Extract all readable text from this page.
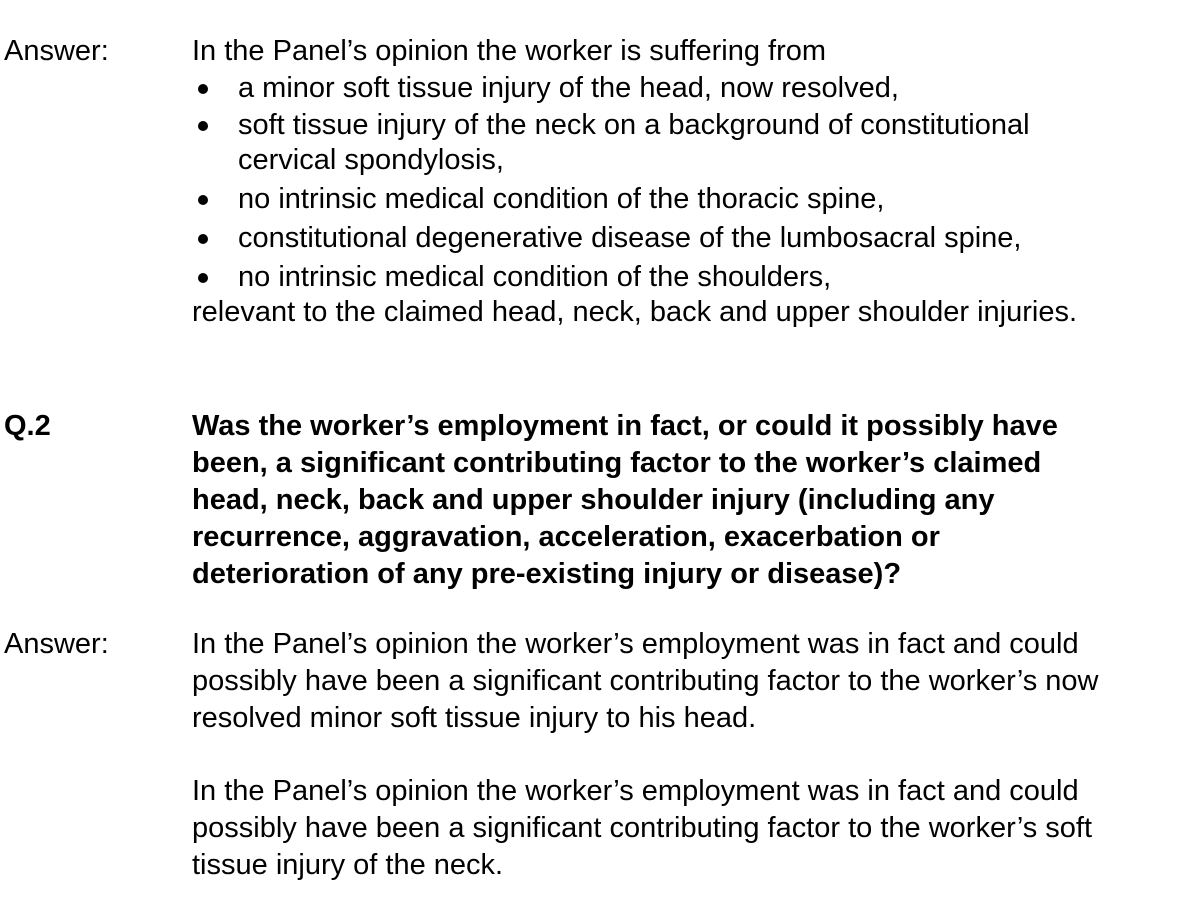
Answer:	In the Panel’s opinion the worker is suffering from
a minor soft tissue injury of the head, now resolved,
soft tissue injury of the neck on a background of constitutional
cervical spondylosis,
no intrinsic medical condition of the thoracic spine,
constitutional degenerative disease of the lumbosacral spine,
no intrinsic medical condition of the shoulders,
relevant to the claimed head, neck, back and upper shoulder injuries.
Q.2	Was the worker’s employment in fact, or could it possibly have
been, a significant contributing factor to the worker’s claimed
head, neck, back and upper shoulder injury (including any
recurrence, aggravation, acceleration, exacerbation or
deterioration of any pre-existing injury or disease)?
Answer:	In the Panel’s opinion the worker’s employment was in fact and could
possibly have been a significant contributing factor to the worker’s now
resolved minor soft tissue injury to his head.
In the Panel’s opinion the worker’s employment was in fact and could
possibly have been a significant contributing factor to the worker’s soft
tissue injury of the neck.
